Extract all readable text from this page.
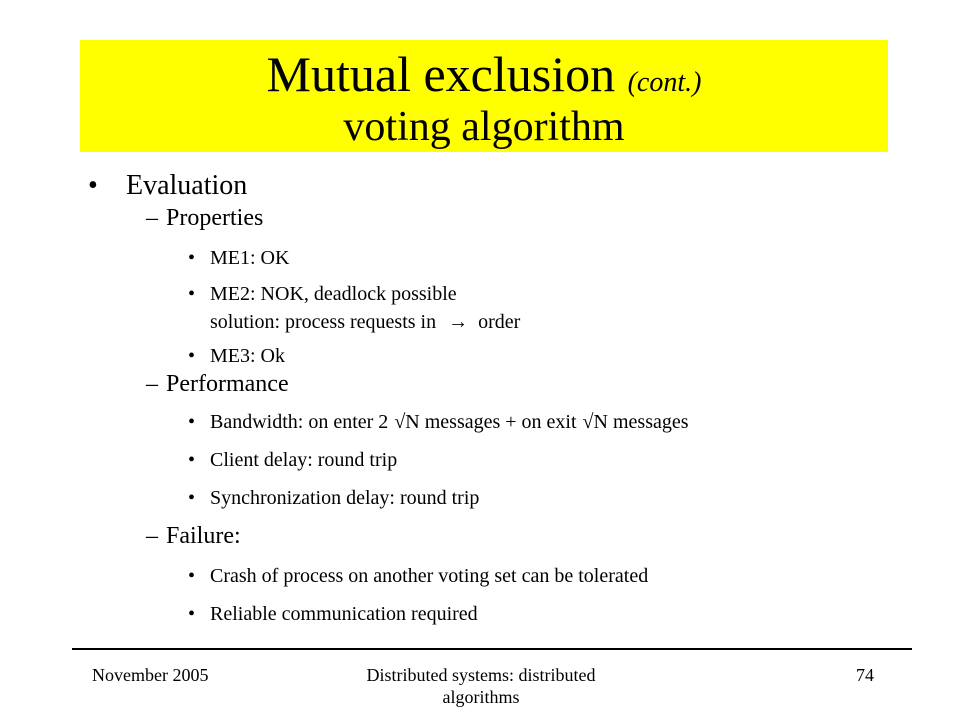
Mutual exclusion (cont.)
voting algorithm
• Evaluation
– Properties
• ME1: OK
• ME2: NOK, deadlock possible
solution: process requests in → order
• ME3: Ok
– Performance
• Bandwidth: on enter 2 √N messages + on exit √N messages
• Client delay: round trip
• Synchronization delay: round trip
– Failure:
• Crash of process on another voting set can be tolerated
• Reliable communication required
November 2005	Distributed systems: distributed
algorithms
74
